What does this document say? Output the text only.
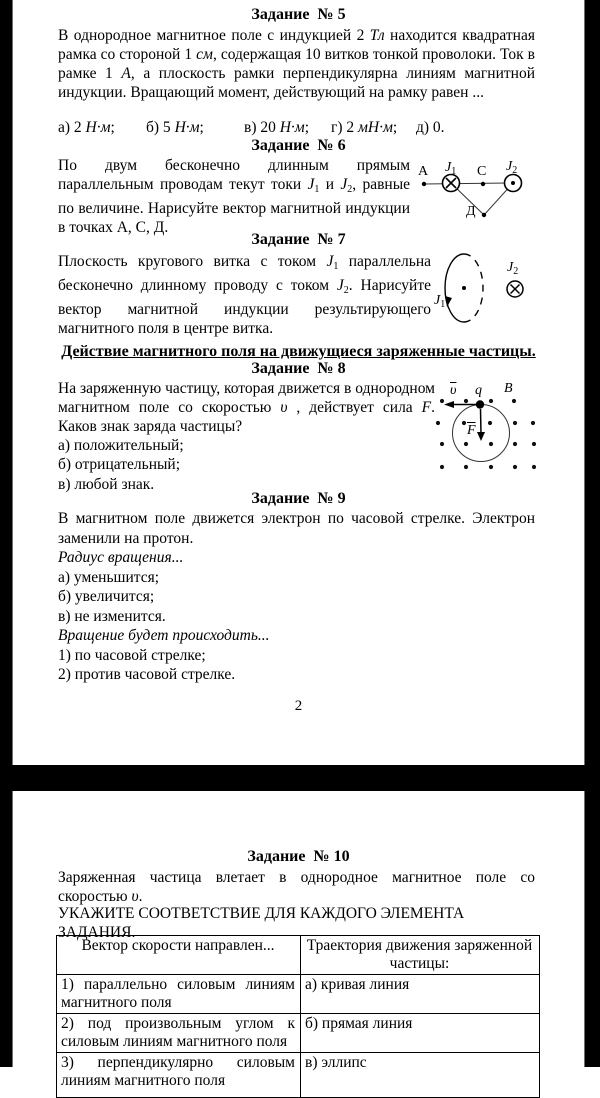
Задание  № 5
В однородное магнитное поле с индукцией 2 Тл находится квадратная рамка со стороной 1 см, содержащая 10 витков тонкой проволоки. Ток в рамке 1 А, а плоскость рамки перпендикулярна линиям магнитной индукции. Вращающий момент, действующий на рамку равен ...
а) 2 Н·м; б) 5 Н·м;	в) 20 Н·м; г) 2 мН·м; д) 0.
Задание  № 6
По двум бесконечно длинным прямым параллельным проводам текут токи J1 и J2, равные по величине. Нарисуйте вектор магнитной индукции в точках А, С, Д.
А $J_1$ С $J_2$
Д
Задание  № 7
Плоскость кругового витка с током J1 параллельна бесконечно длинному проводу с током J2. Нарисуйте вектор магнитной индукции результирующего магнитного поля в центре витка.
$J_1$
$J_2$
Действие магнитного поля на движущиеся заряженные частицы.
Задание  № 8
На заряженную частицу, которая движется в однородном магнитном поле со скоростью υ , действует сила F. Каков знак заряда частицы?
а) положительный;
б) отрицательный;
в) любой знак.
$\overline{\upsilon}$ q B
$\overline{F}$
Задание  № 9
В магнитном поле движется электрон по часовой стрелке. Электрон заменили на протон.
Радиус вращения...
а) уменьшится;
б) увеличится;
в) не изменится.
Вращение будет происходить...
1) по часовой стрелке;
2) против часовой стрелке.
2
Задание  № 10
Заряженная частица влетает в однородное магнитное поле со скоростью υ.
УКАЖИТЕ СООТВЕТСТВИЕ ДЛЯ КАЖДОГО ЭЛЕМЕНТА ЗАДАНИЯ.
Вектор скорости направлен...	Траектория движения заряженной частицы:
1) параллельно силовым линиям магнитного поля	а) кривая линия
2) под произвольным углом к силовым линиям магнитного поля	б) прямая линия
3) перпендикулярно силовым линиям магнитного поля	в) эллипс
